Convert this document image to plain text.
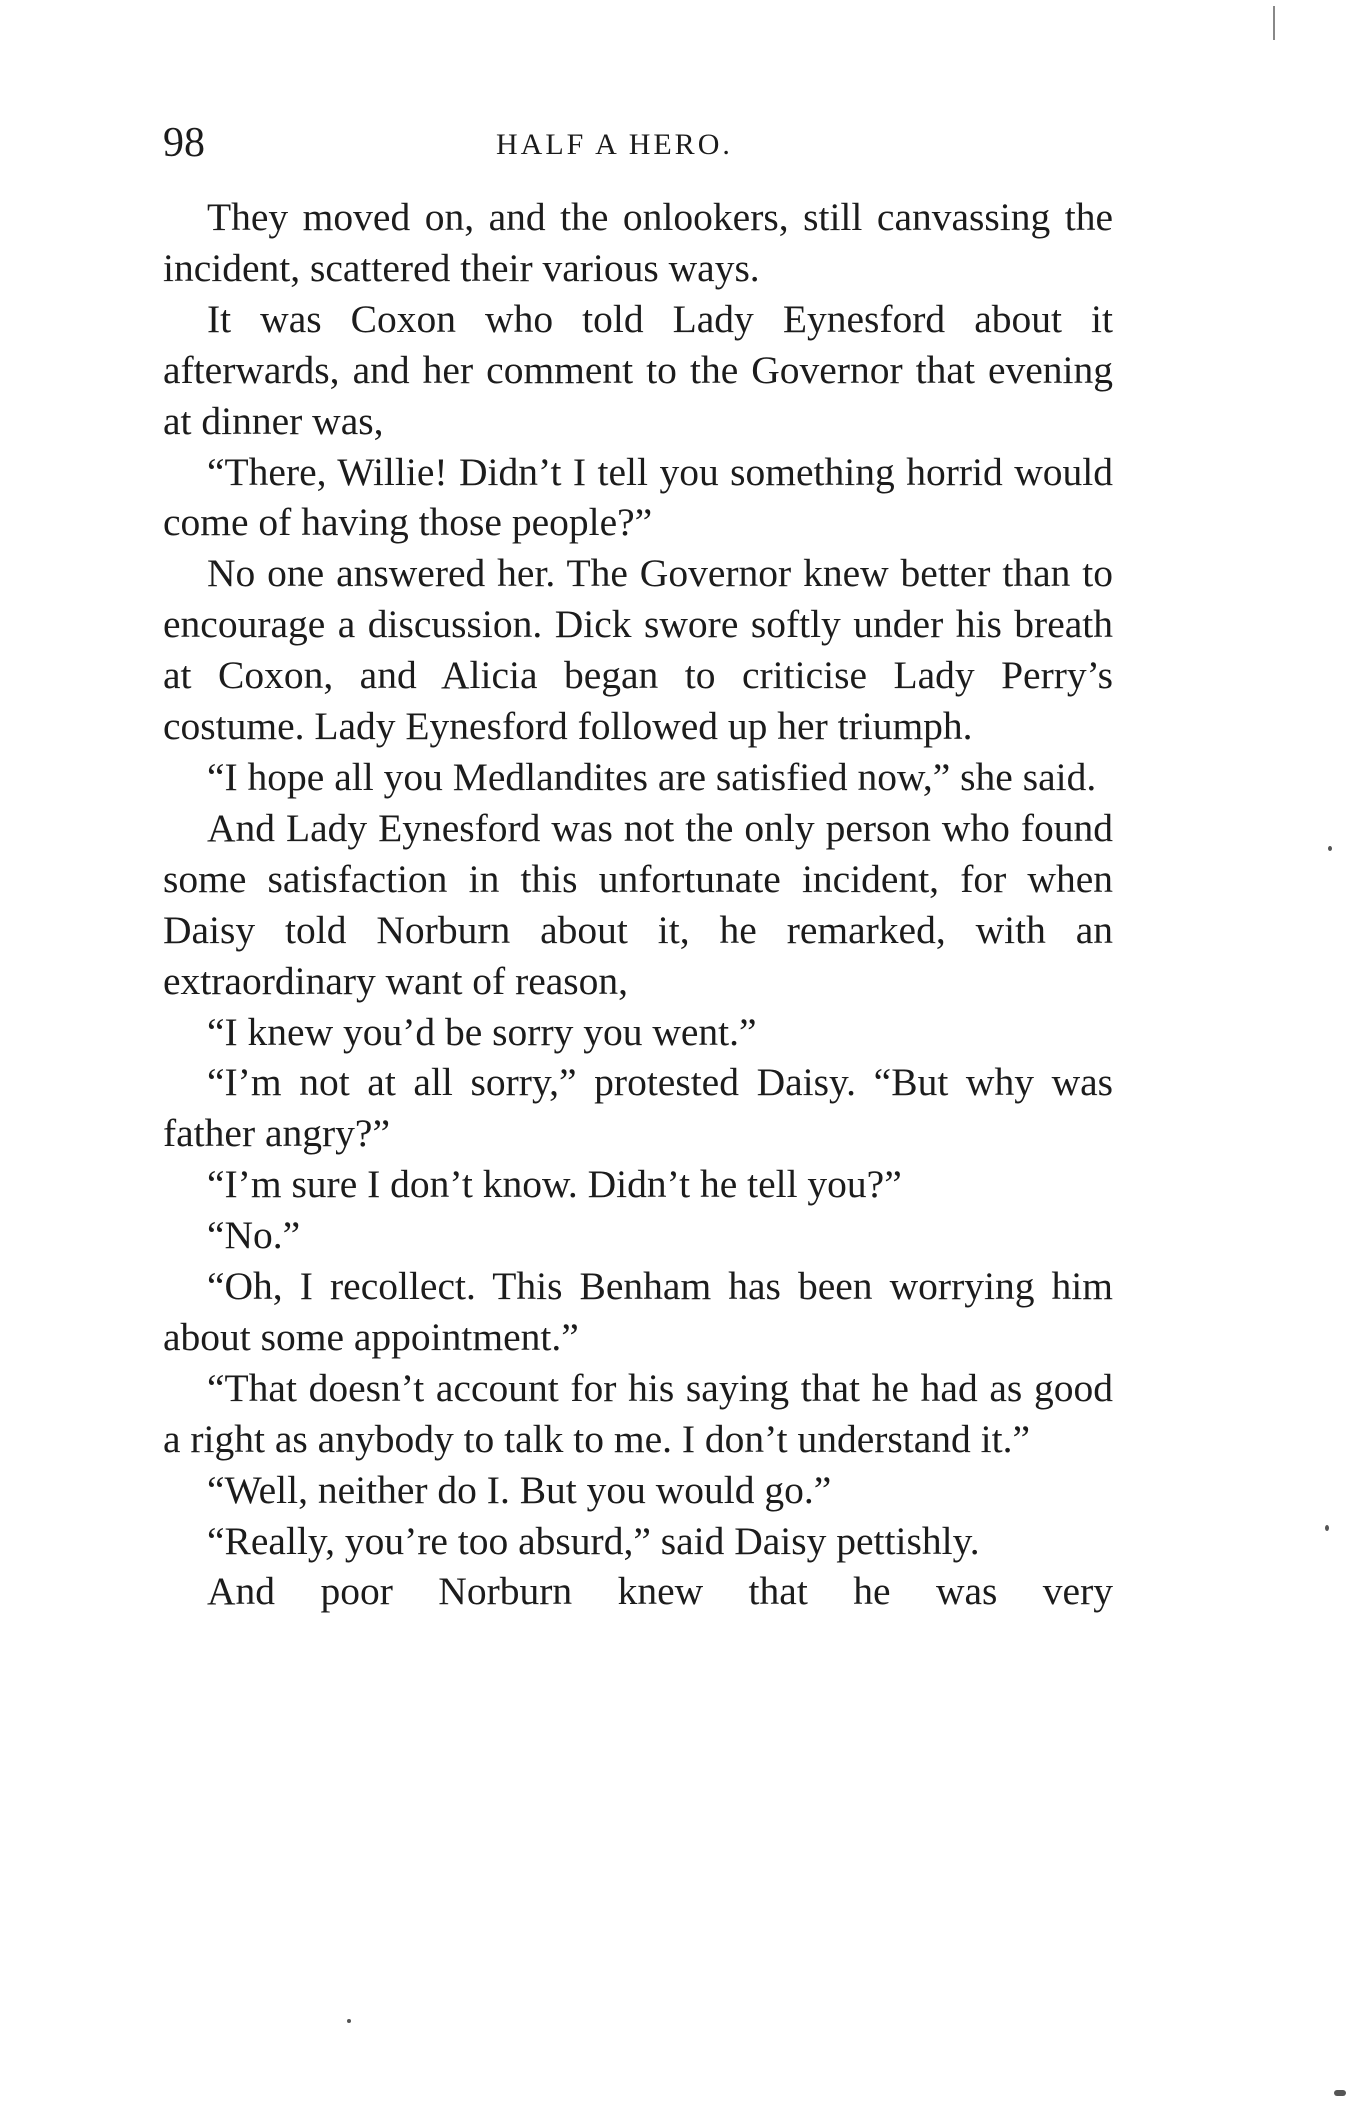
98	HALF A HERO.

They moved on, and the onlookers, still canvassing the incident, scattered their various ways.

It was Coxon who told Lady Eynesford about it afterwards, and her comment to the Governor that evening at dinner was,

“There, Willie! Didn’t I tell you something horrid would come of having those people?”

No one answered her. The Governor knew better than to encourage a discussion. Dick swore softly under his breath at Coxon, and Alicia began to criticise Lady Perry’s costume. Lady Eynesford followed up her triumph.

“I hope all you Medlandites are satisfied now,” she said.

And Lady Eynesford was not the only person who found some satisfaction in this unfortunate incident, for when Daisy told Norburn about it, he remarked, with an extraordinary want of reason,

“I knew you’d be sorry you went.”

“I’m not at all sorry,” protested Daisy. “But why was father angry?”

“I’m sure I don’t know. Didn’t he tell you?”

“No.”

“Oh, I recollect. This Benham has been worrying him about some appointment.”

“That doesn’t account for his saying that he had as good a right as anybody to talk to me. I don’t understand it.”

“Well, neither do I. But you would go.”

“Really, you’re too absurd,” said Daisy pettishly.

And poor Norburn knew that he was very
